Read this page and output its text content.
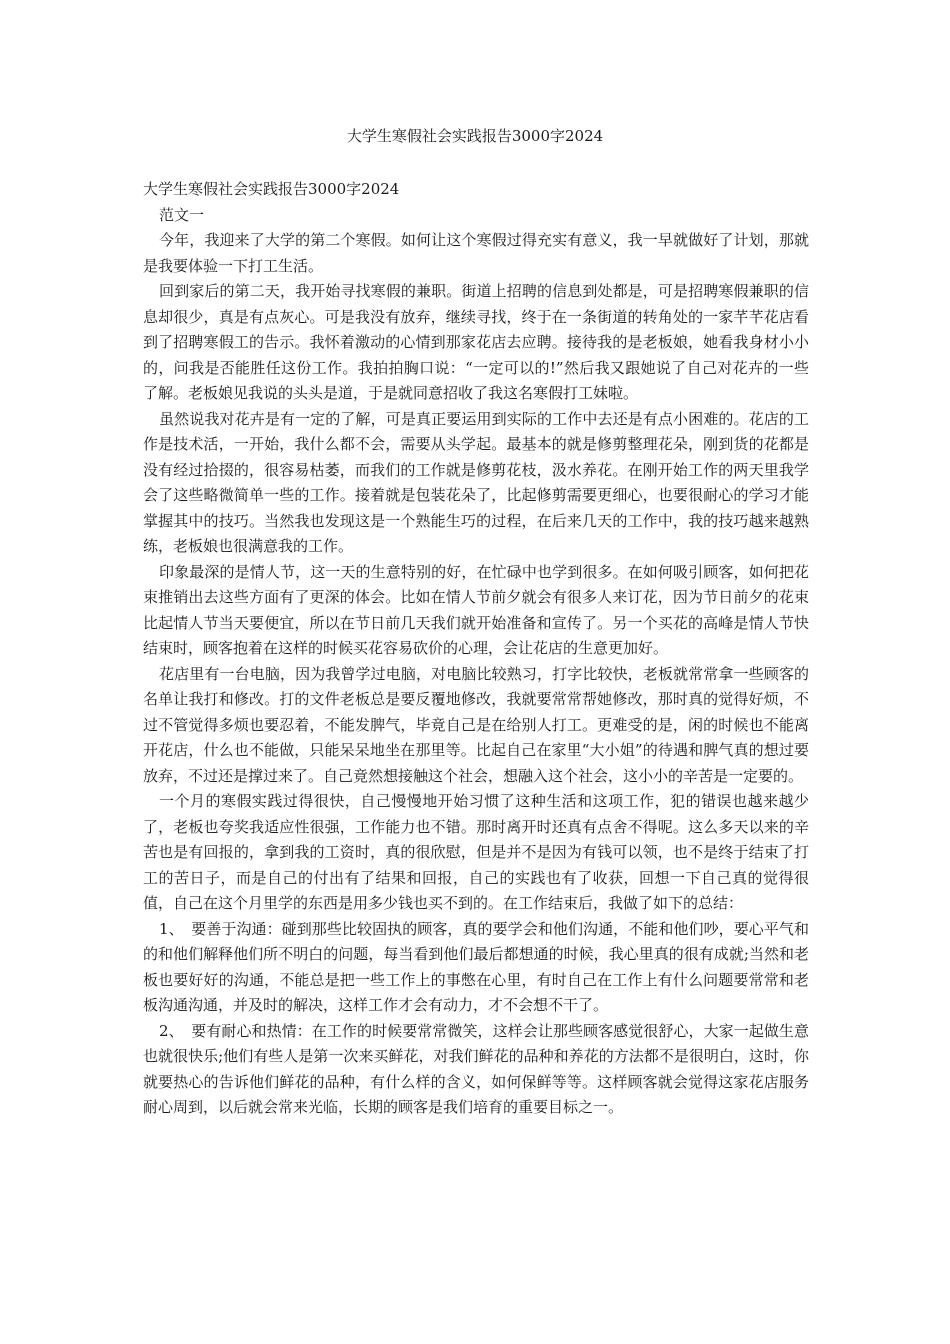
大学生寒假社会实践报告3000字2024

大学生寒假社会实践报告3000字2024

范文一

今年，我迎来了大学的第二个寒假。如何让这个寒假过得充实有意义，我一早就做好了计划，那就是我要体验一下打工生活。

回到家后的第二天，我开始寻找寒假的兼职。街道上招聘的信息到处都是，可是招聘寒假兼职的信息却很少，真是有点灰心。可是我没有放弃，继续寻找，终于在一条街道的转角处的一家芊芊花店看到了招聘寒假工的告示。我怀着激动的心情到那家花店去应聘。接待我的是老板娘，她看我身材小小的，问我是否能胜任这份工作。我拍拍胸口说：“一定可以的!”然后我又跟她说了自己对花卉的一些了解。老板娘见我说的头头是道，于是就同意招收了我这名寒假打工妹啦。

虽然说我对花卉是有一定的了解，可是真正要运用到实际的工作中去还是有点小困难的。花店的工作是技术活，一开始，我什么都不会，需要从头学起。最基本的就是修剪整理花朵，刚到货的花都是没有经过拾掇的，很容易枯萎，而我们的工作就是修剪花枝，汲水养花。在刚开始工作的两天里我学会了这些略微简单一些的工作。接着就是包装花朵了，比起修剪需要更细心，也要很耐心的学习才能掌握其中的技巧。当然我也发现这是一个熟能生巧的过程，在后来几天的工作中，我的技巧越来越熟练，老板娘也很满意我的工作。

印象最深的是情人节，这一天的生意特别的好，在忙碌中也学到很多。在如何吸引顾客，如何把花束推销出去这些方面有了更深的体会。比如在情人节前夕就会有很多人来订花，因为节日前夕的花束比起情人节当天要便宜，所以在节日前几天我们就开始准备和宣传了。另一个买花的高峰是情人节快结束时，顾客抱着在这样的时候买花容易砍价的心理，会让花店的生意更加好。

花店里有一台电脑，因为我曾学过电脑，对电脑比较熟习，打字比较快，老板就常常拿一些顾客的名单让我打和修改。打的文件老板总是要反覆地修改，我就要常常帮她修改，那时真的觉得好烦，不过不管觉得多烦也要忍着，不能发脾气，毕竟自己是在给别人打工。更难受的是，闲的时候也不能离开花店，什么也不能做，只能呆呆地坐在那里等。比起自己在家里“大小姐”的待遇和脾气真的想过要放弃，不过还是撑过来了。自己竟然想接触这个社会，想融入这个社会，这小小的辛苦是一定要的。

一个月的寒假实践过得很快，自己慢慢地开始习惯了这种生活和这项工作，犯的错误也越来越少了，老板也夸奖我适应性很强，工作能力也不错。那时离开时还真有点舍不得呢。这么多天以来的辛苦也是有回报的，拿到我的工资时，真的很欣慰，但是并不是因为有钱可以领，也不是终于结束了打工的苦日子，而是自己的付出有了结果和回报，自己的实践也有了收获，回想一下自己真的觉得很值，自己在这个月里学的东西是用多少钱也买不到的。在工作结束后，我做了如下的总结：

1、　要善于沟通：碰到那些比较固执的顾客，真的要学会和他们沟通，不能和他们吵，要心平气和的和他们解释他们所不明白的问题，每当看到他们最后都想通的时候，我心里真的很有成就;当然和老板也要好好的沟通，不能总是把一些工作上的事憋在心里，有时自己在工作上有什么问题要常常和老板沟通沟通，并及时的解决，这样工作才会有动力，才不会想不干了。

2、　要有耐心和热情：在工作的时候要常常微笑，这样会让那些顾客感觉很舒心，大家一起做生意也就很快乐;他们有些人是第一次来买鲜花，对我们鲜花的品种和养花的方法都不是很明白，这时，你就要热心的告诉他们鲜花的品种，有什么样的含义，如何保鲜等等。这样顾客就会觉得这家花店服务耐心周到，以后就会常来光临，长期的顾客是我们培育的重要目标之一。
